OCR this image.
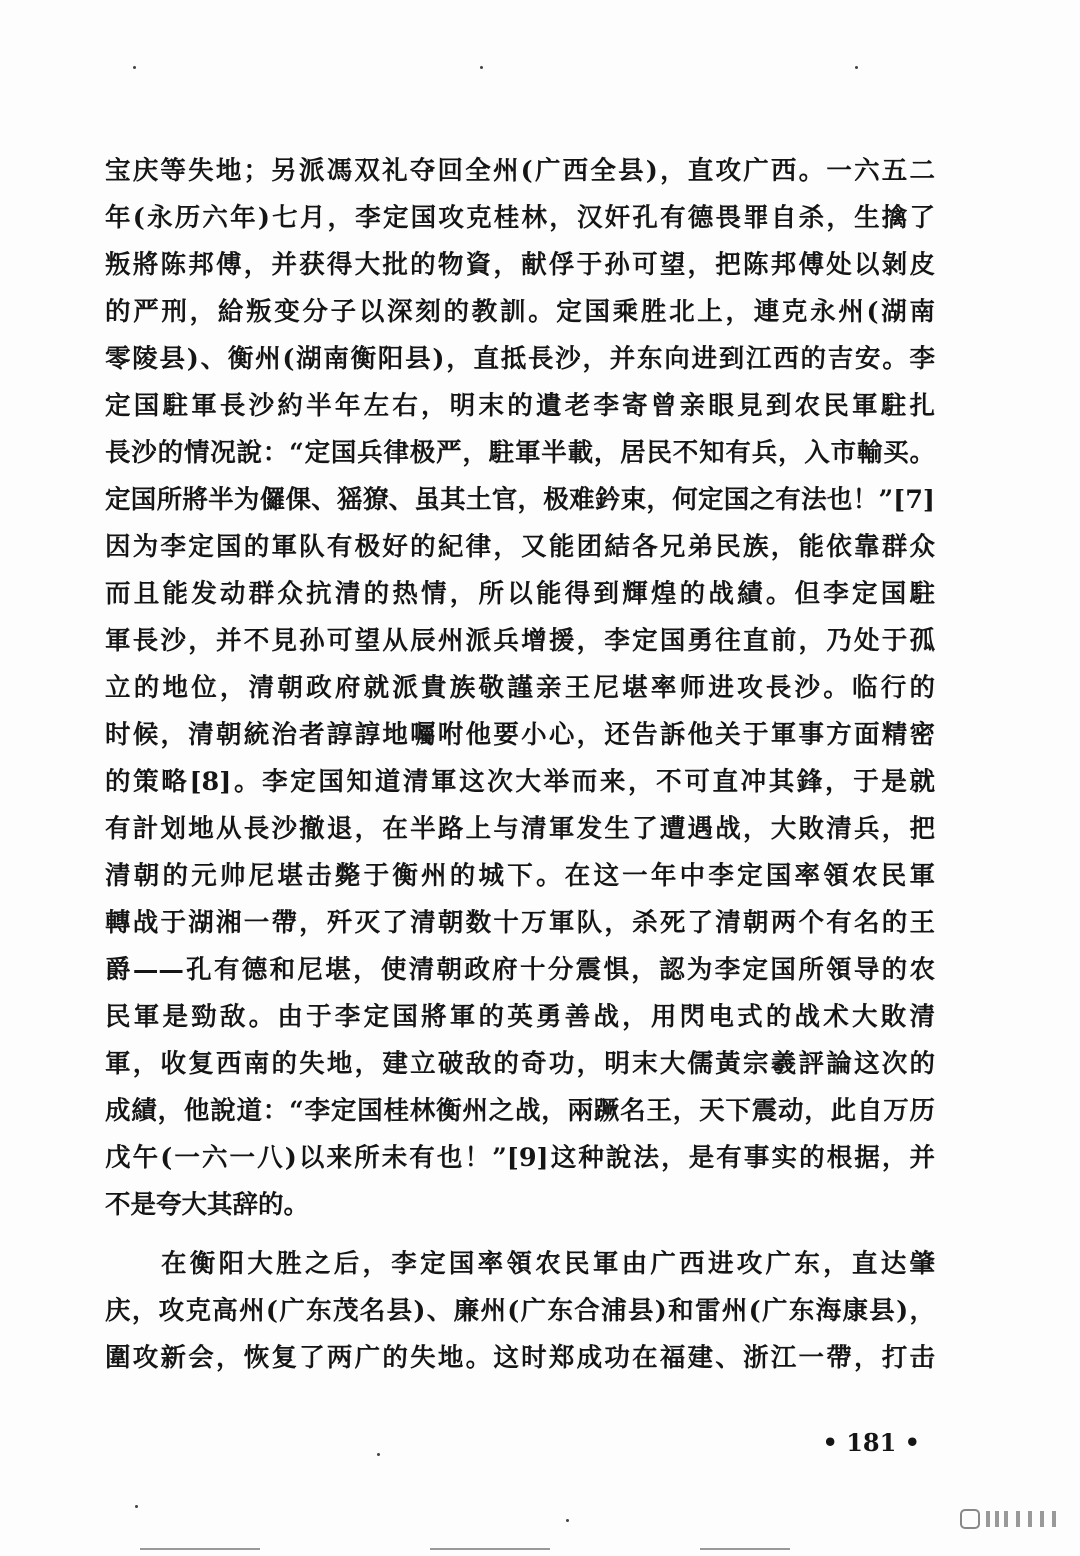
宝庆等失地；另派馮双礼夺回全州(广西全县)，直攻广西。一六五二
年(永历六年)七月，李定国攻克桂林，汉奸孔有德畏罪自杀，生擒了
叛將陈邦傅，并获得大批的物資，献俘于孙可望，把陈邦傅处以剝皮
的严刑，給叛变分子以深刻的教訓。定国乘胜北上，連克永州(湖南
零陵县)、衡州(湖南衡阳县)，直抵長沙，并东向进到江西的吉安。李
定国駐軍長沙約半年左右，明末的遺老李寄曾亲眼見到农民軍駐扎
長沙的情况說：“定国兵律极严，駐軍半載，居民不知有兵，入市輸买。
定国所將半为儸倮、猺獠、虽其土官，极难鈐束，何定国之有法也！”[7]
因为李定国的軍队有极好的紀律，又能团結各兄弟民族，能依靠群众
而且能发动群众抗清的热情，所以能得到輝煌的战績。但李定国駐
軍長沙，并不見孙可望从辰州派兵增援，李定国勇往直前，乃处于孤
立的地位，清朝政府就派貴族敬謹亲王尼堪率师进攻長沙。临行的
时候，清朝統治者諄諄地囑咐他要小心，还告訴他关于軍事方面精密
的策略[8]。李定国知道清軍这次大举而来，不可直冲其鋒，于是就
有計划地从長沙撤退，在半路上与清軍发生了遭遇战，大敗清兵，把
清朝的元帅尼堪击斃于衡州的城下。在这一年中李定国率領农民軍
轉战于湖湘一帶，歼灭了清朝数十万軍队，杀死了清朝两个有名的王
爵——孔有德和尼堪，使清朝政府十分震惧，認为李定国所領导的农
民軍是勁敌。由于李定国將軍的英勇善战，用閃电式的战术大敗清
軍，收复西南的失地，建立破敌的奇功，明末大儒黃宗羲評論这次的
成績，他說道：“李定国桂林衡州之战，兩蹶名王，天下震动，此自万历
戊午(一六一八)以来所未有也！”[9]这种說法，是有事实的根据，并
不是夸大其辞的。
在衡阳大胜之后，李定国率領农民軍由广西进攻广东，直达肇
庆，攻克高州(广东茂名县)、廉州(广东合浦县)和雷州(广东海康县)，
圍攻新会，恢复了两广的失地。这时郑成功在福建、浙江一帶，打击
• 181 •
